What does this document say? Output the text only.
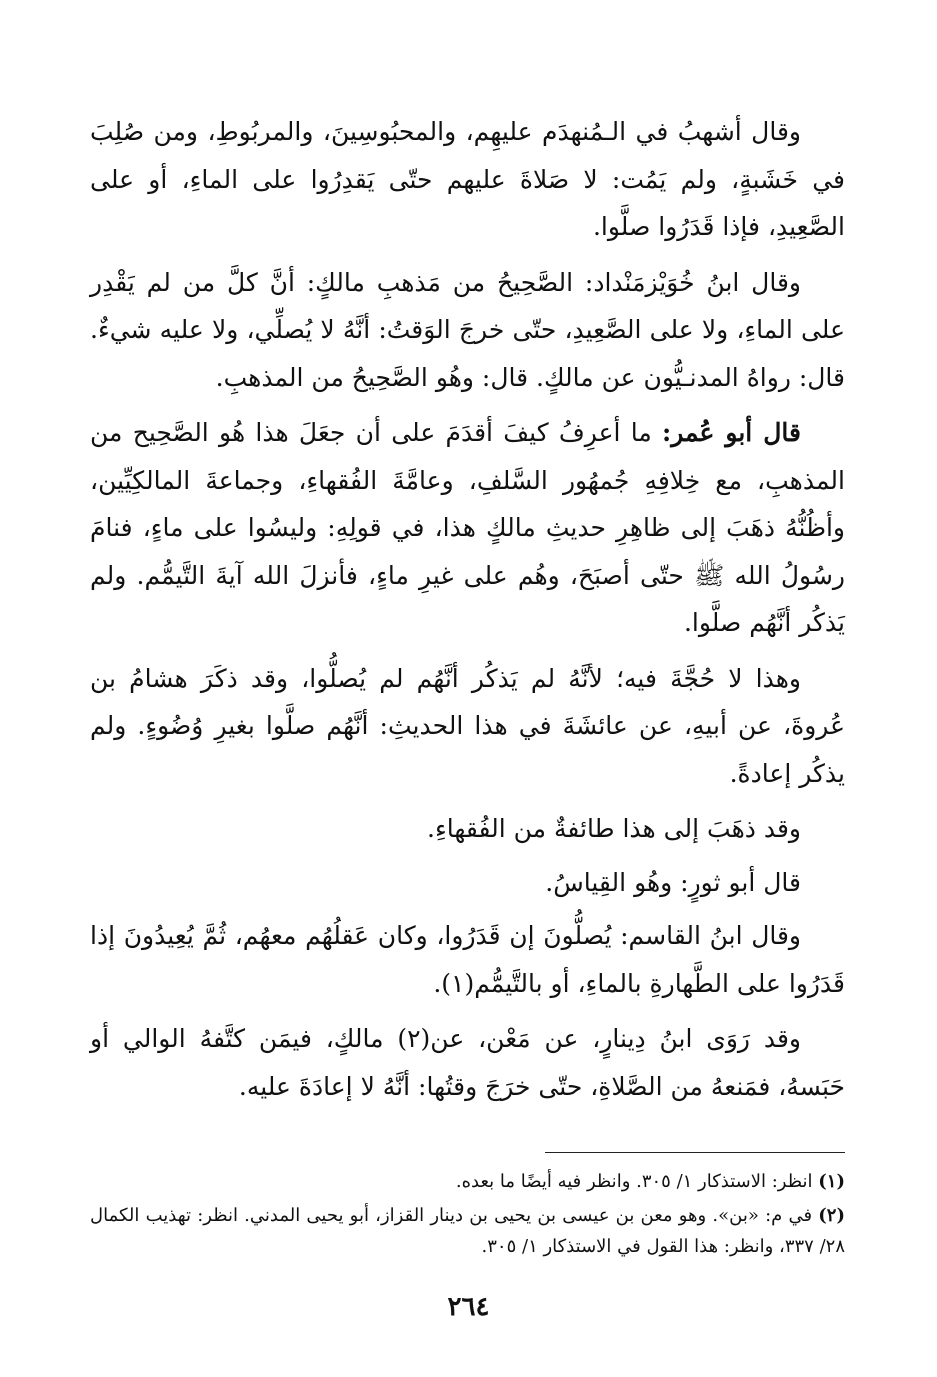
وقال أشهبُ في الـمُنهدَم عليهِم، والمحبُوسِينَ، والمربُوطِ، ومن صُلِبَ في خَشَبةٍ، ولم يَمُت: لا صَلاةَ عليهم حتّى يَقدِرُوا على الماءِ، أو على الصَّعِيدِ، فإذا قَدَرُوا صلَّوا.

وقال ابنُ خُوَيْزمَنْداد: الصَّحِيحُ من مَذهبِ مالكٍ: أنَّ كلَّ من لم يَقْدِر على الماءِ، ولا على الصَّعِيدِ، حتّى خرجَ الوَقتُ: أنَّهُ لا يُصلِّي، ولا عليه شيءٌ. قال: رواهُ المدنـيُّون عن مالكٍ. قال: وهُو الصَّحِيحُ من المذهبِ.

قال أبو عُمر: ما أعرِفُ كيفَ أقدَمَ على أن جعَلَ هذا هُو الصَّحِيح من المذهبِ، مع خِلافِهِ جُمهُور السَّلفِ، وعامَّةَ الفُقهاءِ، وجماعةَ المالكِيِّين، وأظُنُّهُ ذهَبَ إلى ظاهِرِ حديثِ مالكٍ هذا، في قولِهِ: وليسُوا على ماءٍ، فنامَ رسُولُ الله ﷺ حتّى أصبَحَ، وهُم على غيرِ ماءٍ، فأنزلَ الله آيةَ التَّيمُّم. ولم يَذكُر أنَّهُم صلَّوا.

وهذا لا حُجَّةَ فيه؛ لأنَّهُ لم يَذكُر أنَّهُم لم يُصلُّوا، وقد ذكَرَ هشامُ بن عُروةَ، عن أبيهِ، عن عائشَةَ في هذا الحديثِ: أنَّهُم صلَّوا بغيرِ وُضُوءٍ. ولم يذكُر إعادةً.

وقد ذهَبَ إلى هذا طائفةٌ من الفُقهاءِ.

قال أبو ثورٍ: وهُو القِياسُ.

وقال ابنُ القاسم: يُصلُّونَ إن قَدَرُوا، وكان عَقلُهُم معهُم، ثُمَّ يُعِيدُونَ إذا قَدَرُوا على الطَّهارةِ بالماءِ، أو بالتَّيمُّم(١).

وقد رَوَى ابنُ دِينارٍ، عن مَعْن، عن(٢) مالكٍ، فيمَن كتَّفهُ الوالي أو حَبَسهُ، فمَنعهُ من الصَّلاةِ، حتّى خرَجَ وقتُها: أنَّهُ لا إعادَةَ عليه.

(١) انظر: الاستذكار ١/ ٣٠٥. وانظر فيه أيضًا ما بعده.

(٢) في م: «بن». وهو معن بن عيسى بن يحيى بن دينار القزاز، أبو يحيى المدني. انظر: تهذيب الكمال ٢٨/ ٣٣٧، وانظر: هذا القول في الاستذكار ١/ ٣٠٥.

٢٦٤
